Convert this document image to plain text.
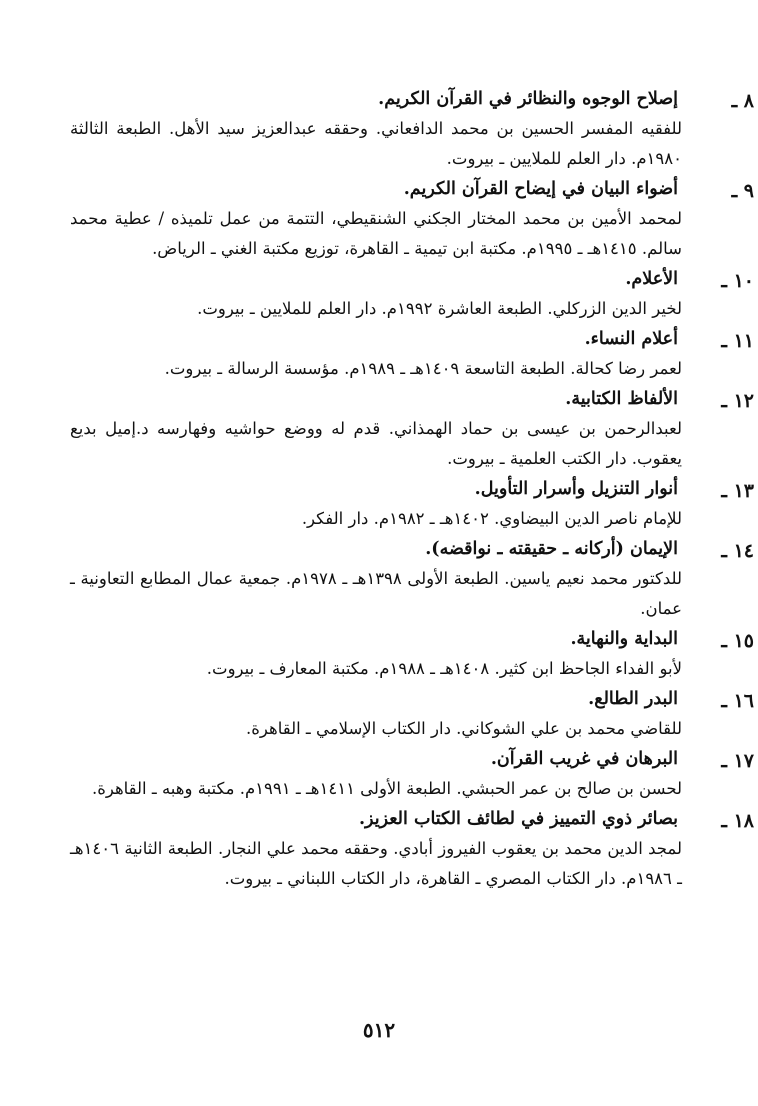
٨ ـ
إصلاح الوجوه والنظائر في القرآن الكريم.
للفقيه المفسر الحسين بن محمد الدافعاني. وحققه عبدالعزيز سيد الأهل. الطبعة الثالثة ١٩٨٠م. دار العلم للملايين ـ بيروت.
٩ ـ
أضواء البيان في إيضاح القرآن الكريم.
لمحمد الأمين بن محمد المختار الجكني الشنقيطي، التتمة من عمل تلميذه / عطية محمد سالم. ١٤١٥هـ ـ ١٩٩٥م. مكتبة ابن تيمية ـ القاهرة، توزيع مكتبة الغني ـ الرياض.
١٠ ـ
الأعلام.
لخير الدين الزركلي. الطبعة العاشرة ١٩٩٢م. دار العلم للملايين ـ بيروت.
١١ ـ
أعلام النساء.
لعمر رضا كحالة. الطبعة التاسعة ١٤٠٩هـ ـ ١٩٨٩م. مؤسسة الرسالة ـ بيروت.
١٢ ـ
الألفاظ الكتابية.
لعبدالرحمن بن عيسى بن حماد الهمذاني. قدم له ووضع حواشيه وفهارسه د.إميل بديع يعقوب. دار الكتب العلمية ـ بيروت.
١٣ ـ
أنوار التنزيل وأسرار التأويل.
للإمام ناصر الدين البيضاوي. ١٤٠٢هـ ـ ١٩٨٢م. دار الفكر.
١٤ ـ
الإيمان (أركانه ـ حقيقته ـ نواقضه).
للدكتور محمد نعيم ياسين. الطبعة الأولى ١٣٩٨هـ ـ ١٩٧٨م. جمعية عمال المطابع التعاونية ـ عمان.
١٥ ـ
البداية والنهاية.
لأبو الفداء الجاحظ ابن كثير. ١٤٠٨هـ ـ ١٩٨٨م. مكتبة المعارف ـ بيروت.
١٦ ـ
البدر الطالع.
للقاضي محمد بن علي الشوكاني. دار الكتاب الإسلامي ـ القاهرة.
١٧ ـ
البرهان في غريب القرآن.
لحسن بن صالح بن عمر الحبشي. الطبعة الأولى ١٤١١هـ ـ ١٩٩١م. مكتبة وهبه ـ القاهرة.
١٨ ـ
بصائر ذوي التمييز في لطائف الكتاب العزيز.
لمجد الدين محمد بن يعقوب الفيروز أبادي. وحققه محمد علي النجار. الطبعة الثانية ١٤٠٦هـ ـ ١٩٨٦م. دار الكتاب المصري ـ القاهرة، دار الكتاب اللبناني ـ بيروت.
٥١٢
